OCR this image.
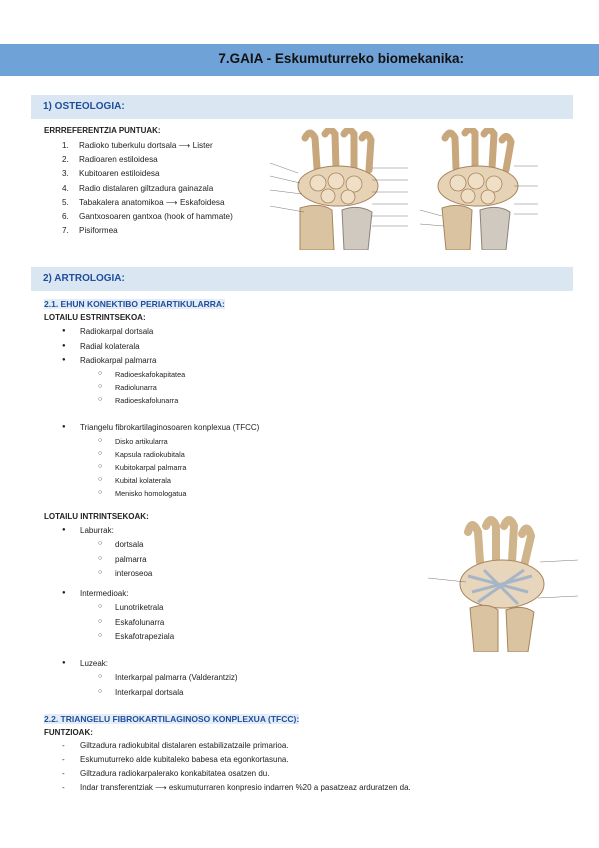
7.GAIA - Eskumuturreko biomekanika:
1) OSTEOLOGIA:
ERRREFERENTZIA PUNTUAK:
1. Radioko tuberkulu dortsala ⟶ Lister
2. Radioaren estiloidesa
3. Kubitoaren estiloidesa
4. Radio distalaren giltzadura gainazala
5. Tabakalera anatomikoa ⟶ Eskafoidesa
6. Gantxosoaren gantxoa (hook of hammate)
7. Pisiformea
2) ARTROLOGIA:
2.1. EHUN KONEKTIBO PERIARTIKULARRA:
LOTAILU ESTRINTSEKOA:
Radiokarpal dortsala
Radial kolaterala
Radiokarpal palmarra
Radioeskafokapitatea
Radiolunarra
Radioeskafolunarra
Triangelu fibrokartilaginosoaren konplexua (TFCC)
Disko artikularra
Kapsula radiokubitala
Kubitokarpal palmarra
Kubital kolaterala
Menisko homologatua
LOTAILU INTRINTSEKOAK:
Laburrak:
dortsala
palmarra
interoseoa
Intermedioak:
Lunotriketrala
Eskafolunarra
Eskafotrapeziala
Luzeak:
Interkarpal palmarra (Valderantziz)
Interkarpal dortsala
2.2. TRIANGELU FIBROKARTILAGINOSO KONPLEXUA (TFCC):
FUNTZIOAK:
Giltzadura radiokubital distalaren estabilizatzaile primarioa.
Eskumuturreko alde kubitaleko babesa eta egonkortasuna.
Giltzadura radiokarpalerako konkabitatea osatzen du.
Indar transferentziak ⟶ eskumuturraren konpresio indarren %20 a pasatzeaz arduratzen da.
